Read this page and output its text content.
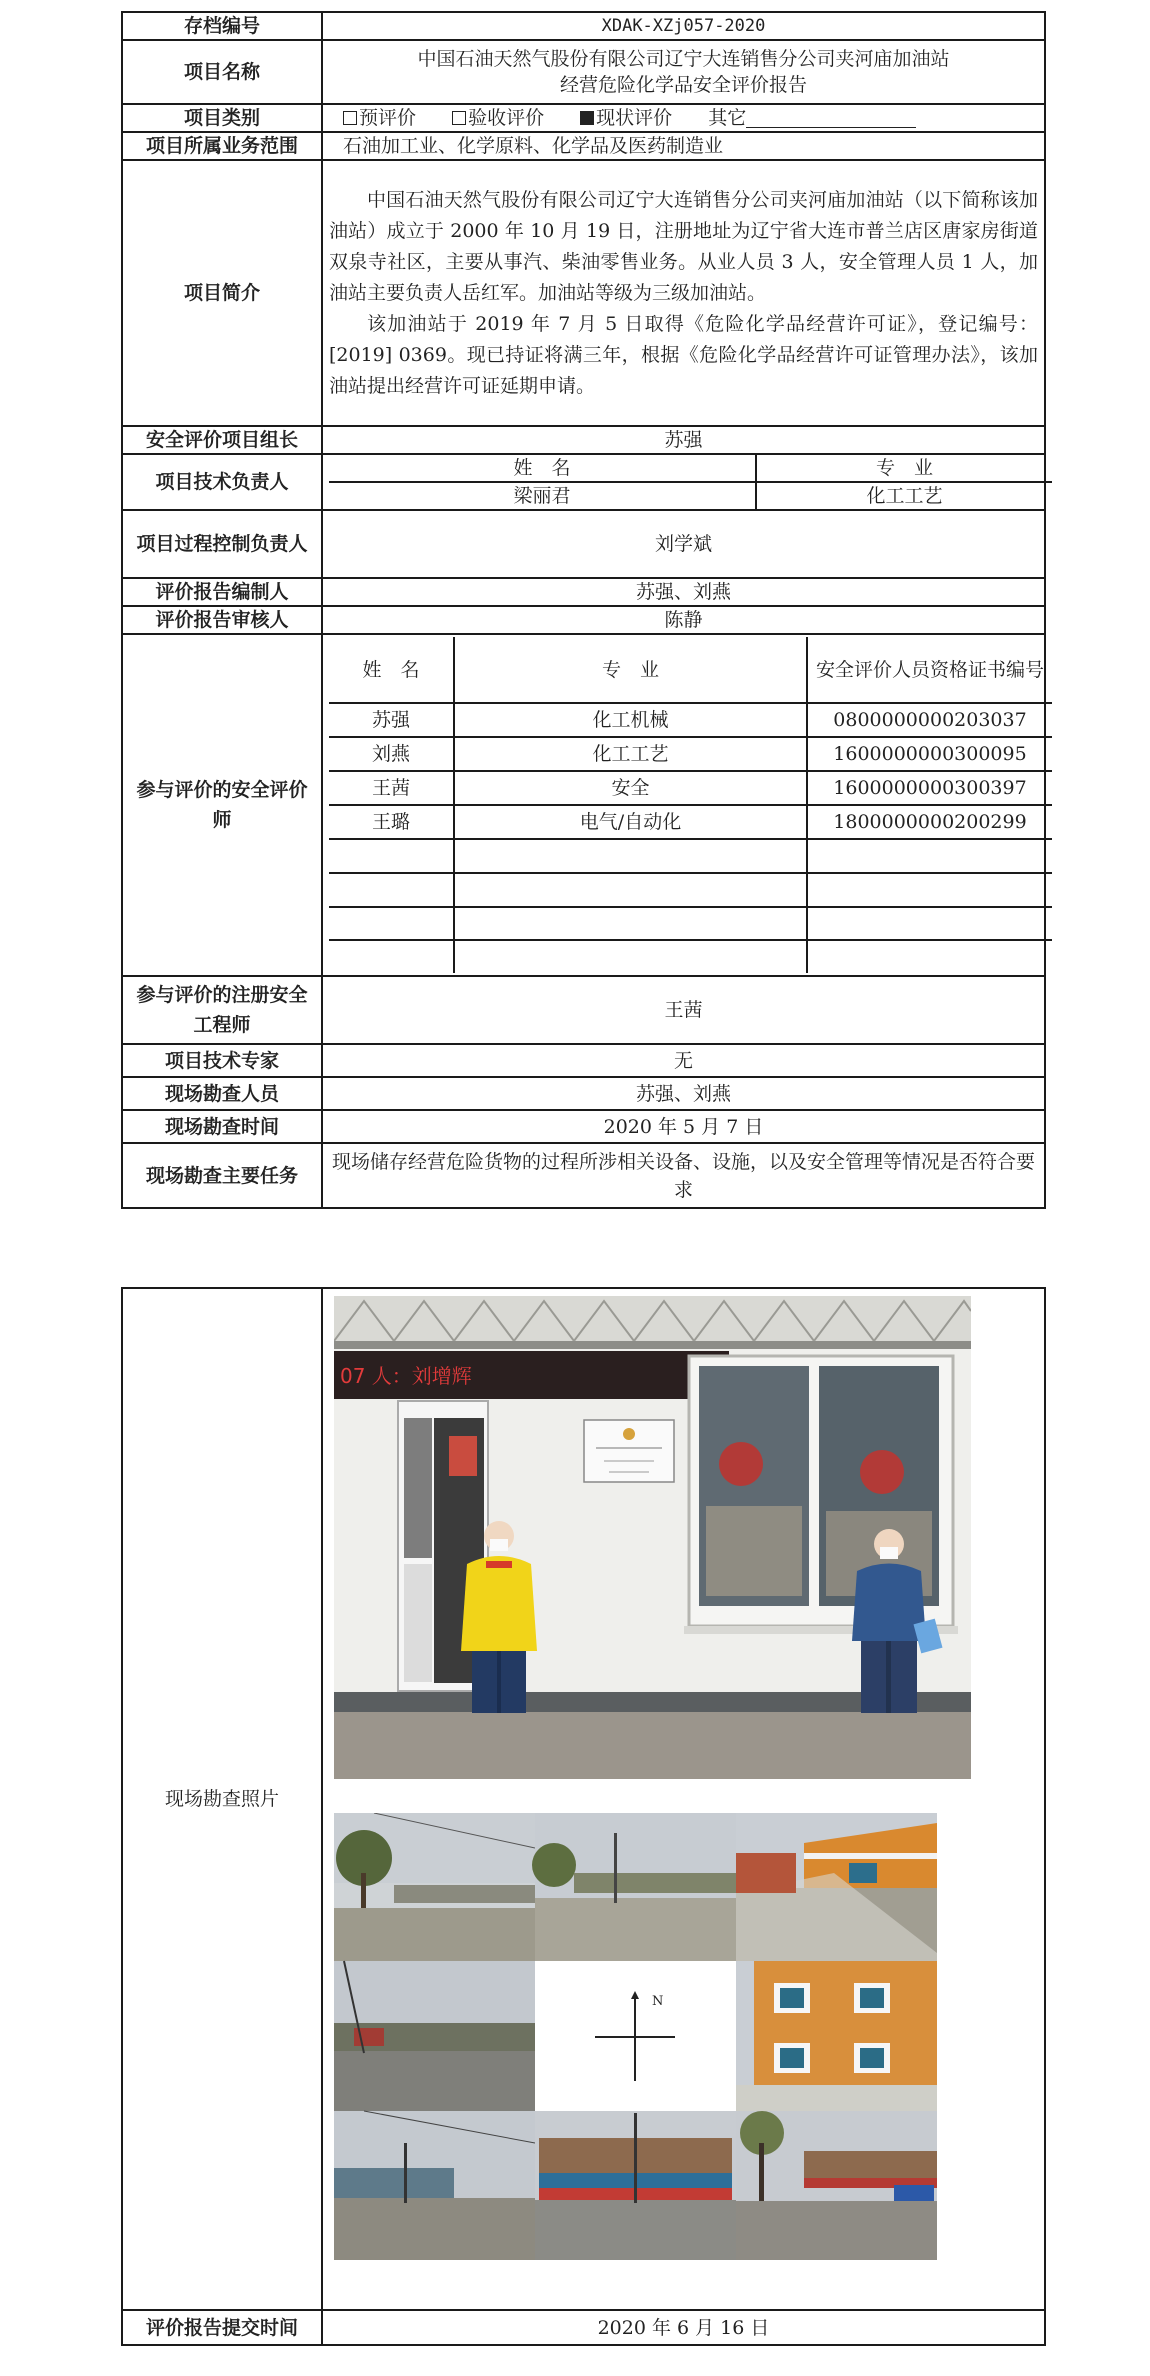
存档编号	XDAK-XZj057-2020
项目名称	
中国石油天然气股份有限公司辽宁大连销售分公司夹河庙加油站
经营危险化学品安全评价报告

项目类别	预评价	验收评价	现状评价 其它
项目所属业务范围	石油加工业、化学原料、化学品及医药制造业
项目简介	

中国石油天然气股份有限公司辽宁大连销售分公司夹河庙加油站（以下简称该加油站）成立于 2000 年 10 月 19 日，注册地址为辽宁省大连市普兰店区唐家房街道双泉寺社区，主要从事汽、柴油零售业务。从业人员 3 人，安全管理人员 1 人，加油站主要负责人岳红军。加油站等级为三级加油站。

该加油站于 2019 年 7 月 5 日取得《危险化学品经营许可证》，登记编号：[2019] 0369。现已持证将满三年，根据《危险化学品经营许可证管理办法》，该加油站提出经营许可证延期申请。

安全评价项目组长	苏强
项目技术负责人	
姓　名	专　业
梁丽君	化工工艺

项目过程控制负责人	刘学斌
评价报告编制人	苏强、刘燕
评价报告审核人	陈静
参与评价的安全评价师	
姓　名	专　业	安全评价人员资格证书编号
苏强	化工机械	0800000000203037
刘燕	化工工艺	1600000000300095
王茜	安全	1600000000300397
王璐	电气/自动化	1800000000200299

参与评价的注册安全工程师	王茜
项目技术专家	无
现场勘查人员	苏强、刘燕
现场勘查时间	2020 年 5 月 7 日
现场勘查主要任务	现场储存经营危险货物的过程所涉相关设备、设施，以及安全管理等情况是否符合要求
现场勘查照片	
评价报告提交时间	2020 年 6 月 16 日
07 人：刘增辉
N
